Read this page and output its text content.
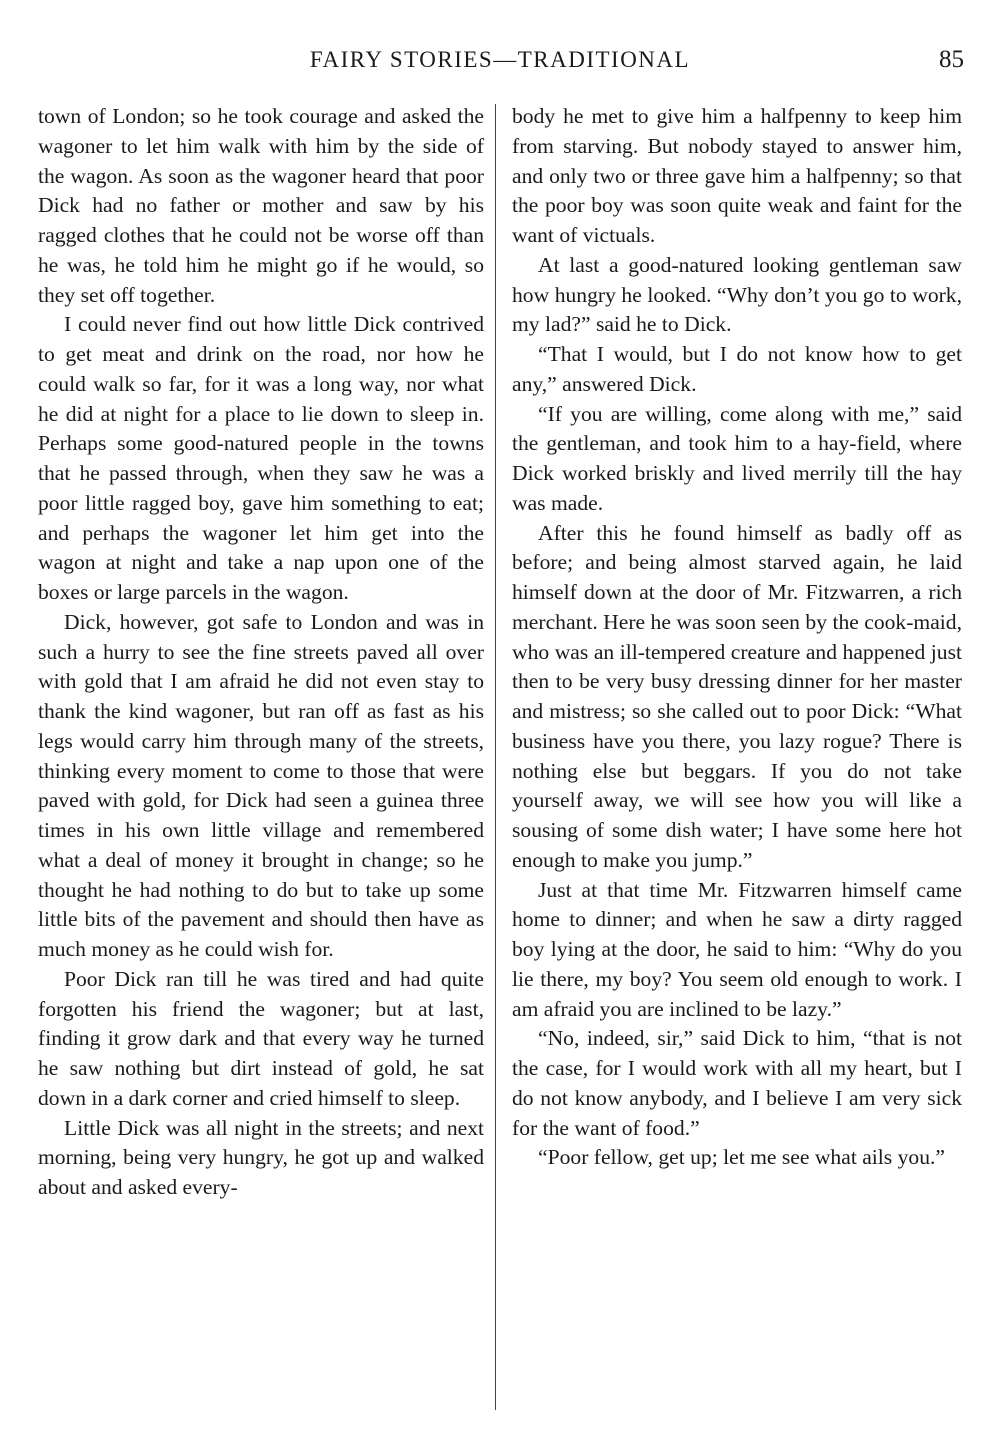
FAIRY STORIES—TRADITIONAL	85

town of London; so he took courage and asked the wagoner to let him walk with him by the side of the wagon. As soon as the wagoner heard that poor Dick had no father or mother and saw by his ragged clothes that he could not be worse off than he was, he told him he might go if he would, so they set off together.

I could never find out how little Dick contrived to get meat and drink on the road, nor how he could walk so far, for it was a long way, nor what he did at night for a place to lie down to sleep in. Perhaps some good-natured people in the towns that he passed through, when they saw he was a poor little ragged boy, gave him something to eat; and perhaps the wagoner let him get into the wagon at night and take a nap upon one of the boxes or large parcels in the wagon.

Dick, however, got safe to London and was in such a hurry to see the fine streets paved all over with gold that I am afraid he did not even stay to thank the kind wagoner, but ran off as fast as his legs would carry him through many of the streets, thinking every moment to come to those that were paved with gold, for Dick had seen a guinea three times in his own little village and remembered what a deal of money it brought in change; so he thought he had nothing to do but to take up some little bits of the pavement and should then have as much money as he could wish for.

Poor Dick ran till he was tired and had quite forgotten his friend the wagoner; but at last, finding it grow dark and that every way he turned he saw nothing but dirt instead of gold, he sat down in a dark corner and cried himself to sleep.

Little Dick was all night in the streets; and next morning, being very hungry, he got up and walked about and asked every-

body he met to give him a halfpenny to keep him from starving. But nobody stayed to answer him, and only two or three gave him a halfpenny; so that the poor boy was soon quite weak and faint for the want of victuals.

At last a good-natured looking gentleman saw how hungry he looked. “Why don’t you go to work, my lad?” said he to Dick.

“That I would, but I do not know how to get any,” answered Dick.

“If you are willing, come along with me,” said the gentleman, and took him to a hay-field, where Dick worked briskly and lived merrily till the hay was made.

After this he found himself as badly off as before; and being almost starved again, he laid himself down at the door of Mr. Fitzwarren, a rich merchant. Here he was soon seen by the cook-maid, who was an ill-tempered creature and happened just then to be very busy dressing dinner for her master and mistress; so she called out to poor Dick: “What business have you there, you lazy rogue? There is nothing else but beggars. If you do not take yourself away, we will see how you will like a sousing of some dish water; I have some here hot enough to make you jump.”

Just at that time Mr. Fitzwarren himself came home to dinner; and when he saw a dirty ragged boy lying at the door, he said to him: “Why do you lie there, my boy? You seem old enough to work. I am afraid you are inclined to be lazy.”

“No, indeed, sir,” said Dick to him, “that is not the case, for I would work with all my heart, but I do not know anybody, and I believe I am very sick for the want of food.”

“Poor fellow, get up; let me see what ails you.”
